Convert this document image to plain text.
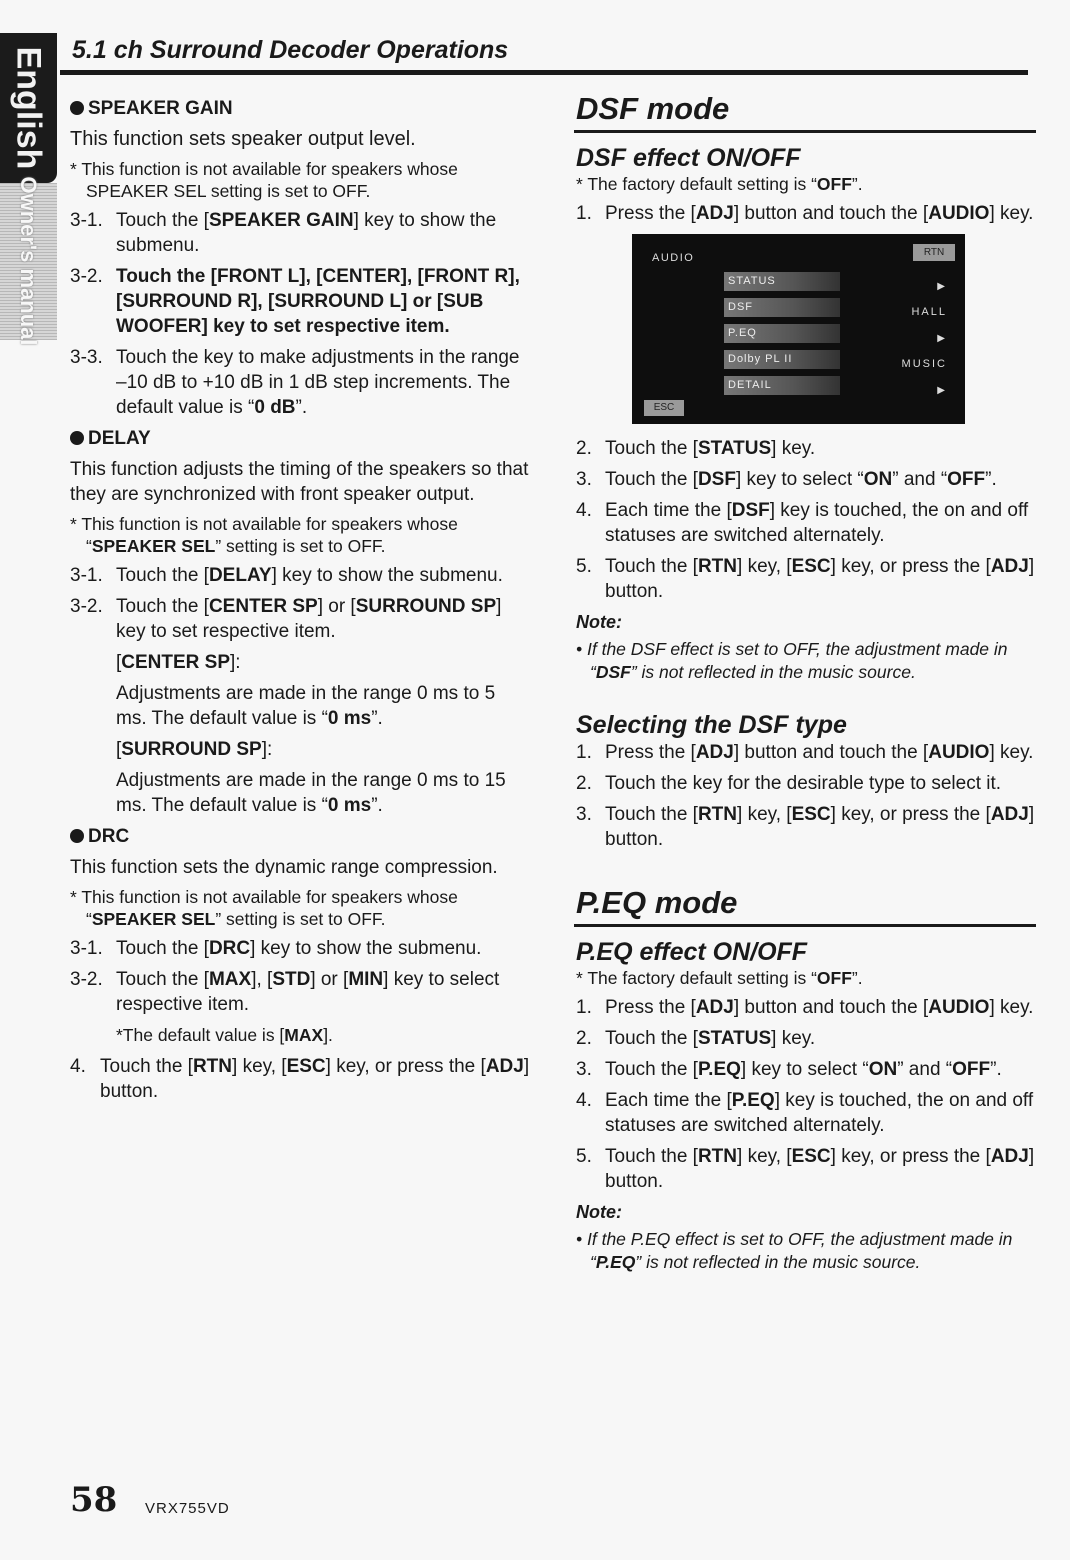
English
Owner's manual
5.1 ch Surround Decoder Operations
SPEAKER GAIN
This function sets speaker output level.
* This function is not available for speakers whose SPEAKER SEL setting is set to OFF.
3-1. Touch the [SPEAKER GAIN] key to show the submenu.
3-2. Touch the [FRONT L], [CENTER], [FRONT R], [SURROUND R], [SURROUND L] or [SUB WOOFER] key to set respective item.
3-3. Touch the key to make adjustments in the range –10 dB to +10 dB in 1 dB step increments. The default value is “0 dB”.
DELAY
This function adjusts the timing of the speakers so that they are synchronized with front speaker output.
* This function is not available for speakers whose “SPEAKER SEL” setting is set to OFF.
3-1. Touch the [DELAY] key to show the submenu.
3-2. Touch the [CENTER SP] or [SURROUND SP] key to set respective item.
[CENTER SP]:
Adjustments are made in the range 0 ms to 5 ms. The default value is “0 ms”.
[SURROUND SP]:
Adjustments are made in the range 0 ms to 15 ms. The default value is “0 ms”.
DRC
This function sets the dynamic range compression.
* This function is not available for speakers whose “SPEAKER SEL” setting is set to OFF.
3-1. Touch the [DRC] key to show the submenu.
3-2. Touch the [MAX], [STD] or [MIN] key to select respective item.
*The default value is [MAX].
4. Touch the [RTN] key, [ESC] key, or press the [ADJ] button.
DSF mode
DSF effect ON/OFF
* The factory default setting is “OFF”.
1. Press the [ADJ] button and touch the [AUDIO] key.
AUDIO	RTN
STATUS	▶
DSF	HALL
P.EQ	▶
Dolby PL II	MUSIC
DETAIL	▶
ESC
2. Touch the [STATUS] key.
3. Touch the [DSF] key to select “ON” and “OFF”.
4. Each time the [DSF] key is touched, the on and off statuses are switched alternately.
5. Touch the [RTN] key, [ESC] key, or press the [ADJ] button.
Note:
• If the DSF effect is set to OFF, the adjustment made in “DSF” is not reflected in the music source.
Selecting the DSF type
1. Press the [ADJ] button and touch the [AUDIO] key.
2. Touch the key for the desirable type to select it.
3. Touch the [RTN] key, [ESC] key, or press the [ADJ] button.
P.EQ mode
P.EQ effect ON/OFF
* The factory default setting is “OFF”.
1. Press the [ADJ] button and touch the [AUDIO] key.
2. Touch the [STATUS] key.
3. Touch the [P.EQ] key to select “ON” and “OFF”.
4. Each time the [P.EQ] key is touched, the on and off statuses are switched alternately.
5. Touch the [RTN] key, [ESC] key, or press the [ADJ] button.
Note:
• If the P.EQ effect is set to OFF, the adjustment made in “P.EQ” is not reflected in the music source.
58 VRX755VD
